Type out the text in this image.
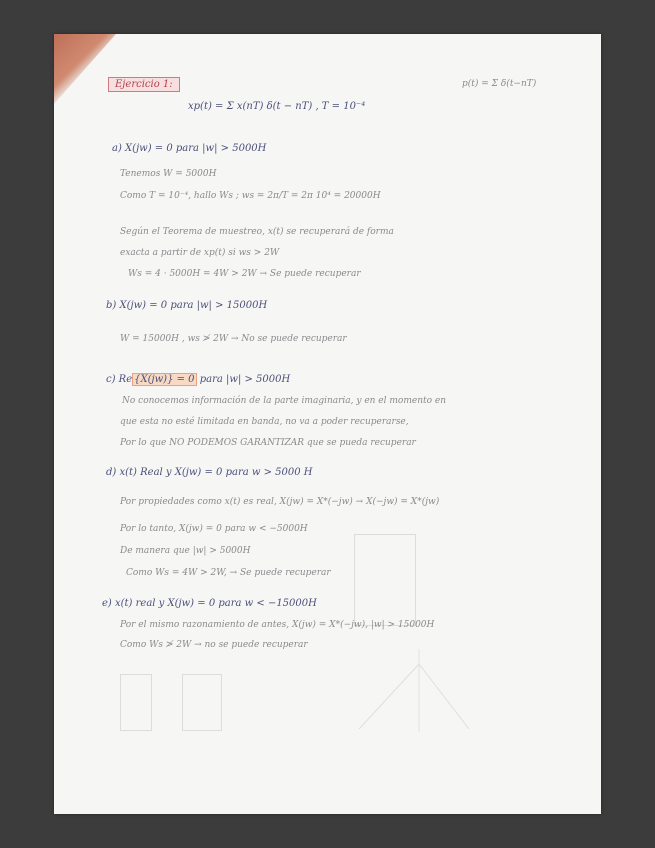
Ejercicio 1:	p(t) = Σ δ(t−nT)
xp(t) = Σ x(nT) δ(t − nT) , T = 10⁻⁴
a) X(jw) = 0 para |w| > 5000H
Tenemos W = 5000H
Como T = 10⁻⁴, hallo Ws ; ws = 2π/T = 2π 10⁴ = 20000H
Según el Teorema de muestreo, x(t) se recuperará de forma
exacta a partir de xp(t) si ws > 2W
Ws = 4 · 5000H = 4W > 2W → Se puede recuperar
b) X(jw) = 0 para |w| > 15000H
W = 15000H , ws ≯ 2W → No se puede recuperar
c) Re {X(jw)} = 0 para |w| > 5000H
No conocemos información de la parte imaginaria, y en el momento en
que esta no esté limitada en banda, no va a poder recuperarse,
Por lo que NO PODEMOS GARANTIZAR que se pueda recuperar
d) x(t) Real y X(jw) = 0 para w > 5000 H
Por propiedades como x(t) es real, X(jw) = X*(−jw) → X(−jw) = X*(jw)
Por lo tanto, X(jw) = 0 para w < −5000H
De manera que |w| > 5000H
Como Ws = 4W > 2W, → Se puede recuperar
e) x(t) real y X(jw) = 0 para w < −15000H
Por el mismo razonamiento de antes, X(jw) = X*(−jw), |w| > 15000H
Como Ws ≯ 2W → no se puede recuperar
